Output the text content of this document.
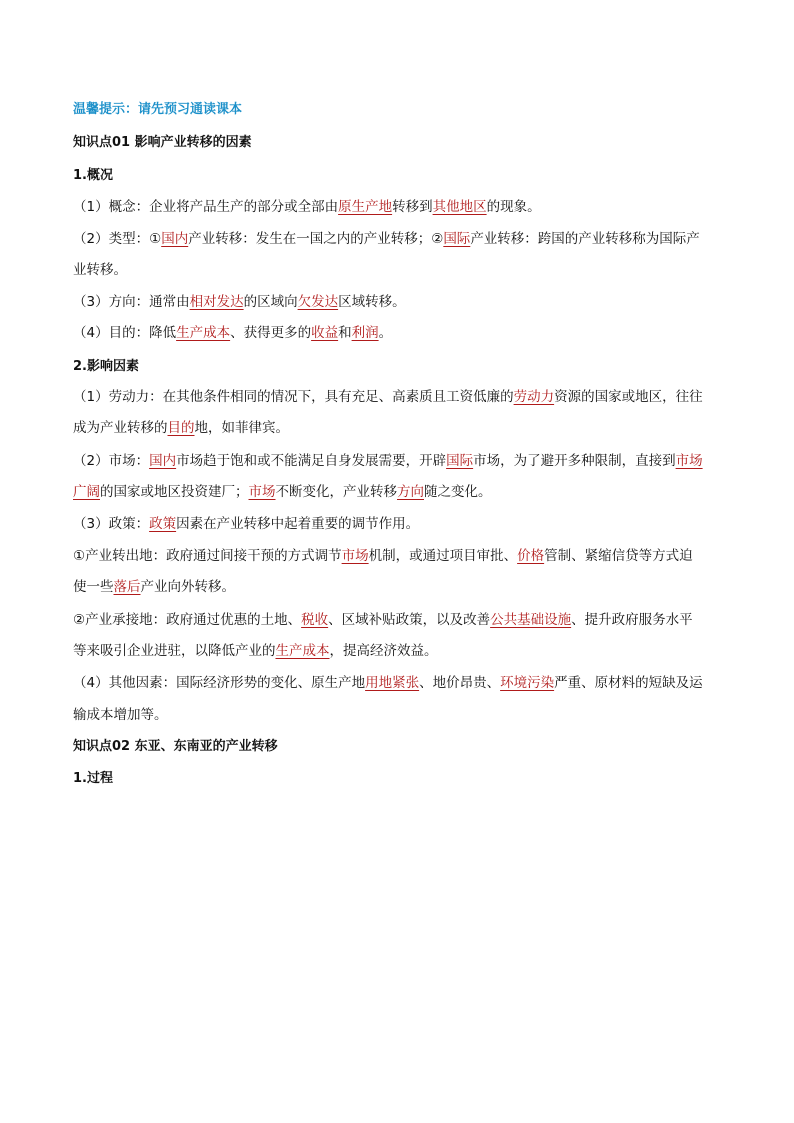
温馨提示：请先预习通读课本
知识点01 影响产业转移的因素
1.概况
（1）概念：企业将产品生产的部分或全部由原生产地转移到其他地区的现象。
（2）类型：①国内产业转移：发生在一国之内的产业转移；②国际产业转移：跨国的产业转移称为国际产
业转移。
（3）方向：通常由相对发达的区域向欠发达区域转移。
（4）目的：降低生产成本、获得更多的收益和利润。
2.影响因素
（1）劳动力：在其他条件相同的情况下，具有充足、高素质且工资低廉的劳动力资源的国家或地区，往往
成为产业转移的目的地，如菲律宾。
（2）市场：国内市场趋于饱和或不能满足自身发展需要，开辟国际市场，为了避开多种限制，直接到市场
广阔的国家或地区投资建厂；市场不断变化，产业转移方向随之变化。
（3）政策：政策因素在产业转移中起着重要的调节作用。
①产业转出地：政府通过间接干预的方式调节市场机制，或通过项目审批、价格管制、紧缩信贷等方式迫
使一些落后产业向外转移。
②产业承接地：政府通过优惠的土地、税收、区域补贴政策，以及改善公共基础设施、提升政府服务水平
等来吸引企业进驻，以降低产业的生产成本，提高经济效益。
（4）其他因素：国际经济形势的变化、原生产地用地紧张、地价昂贵、环境污染严重、原材料的短缺及运
输成本增加等。
知识点02 东亚、东南亚的产业转移
1.过程
